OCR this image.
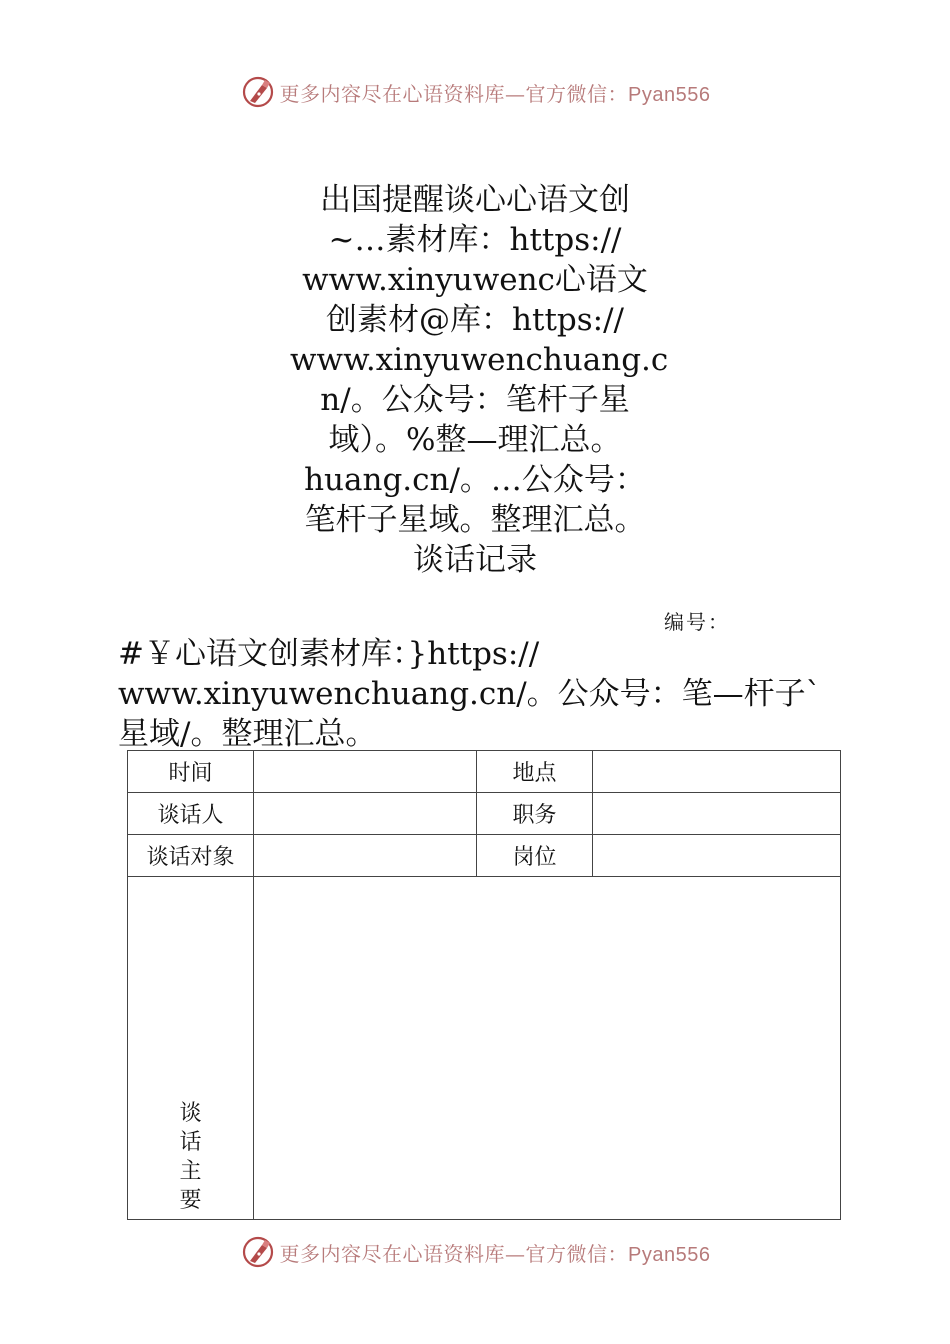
更多内容尽在心语资料库—官方微信：Pyan556
出国提醒谈心心语文创
~…素材库：https://
www.xinyuwenc心语文
创素材@库：https://
www.xinyuwenchuang.c
n/。公众号：笔杆子星
域）。%整—理汇总。
huang.cn/。…公众号：
笔杆子星域。整理汇总。
谈话记录
编号：
#￥心语文创素材库：}https://
www.xinyuwenchuang.cn/。公众号：笔—杆子`
星域/。整理汇总。
时间		地点	
谈话人		职务	
谈话对象		岗位	
谈话主要			
更多内容尽在心语资料库—官方微信：Pyan556
